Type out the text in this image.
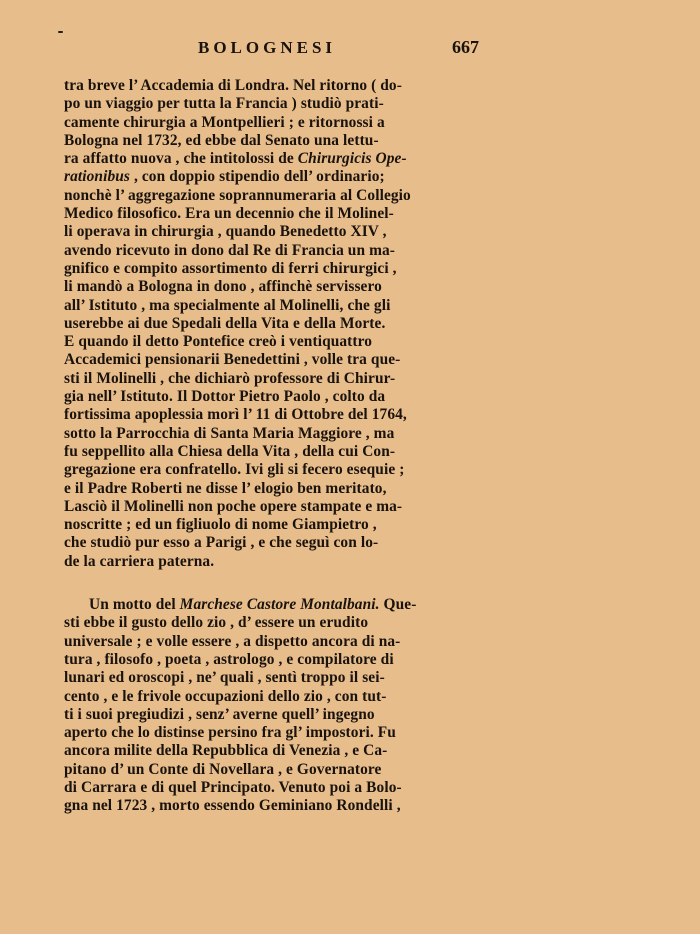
BOLOGNESI	667
tra breve l’ Accademia di Londra. Nel ritorno ( do-
po un viaggio per tutta la Francia ) studiò prati-
camente chirurgia a Montpellieri ; e ritornossi a
Bologna nel 1732, ed ebbe dal Senato una lettu-
ra affatto nuova , che intitolossi de Chirurgicis Ope-
rationibus , con doppio stipendio dell’ ordinario;
nonchè l’ aggregazione soprannumeraria al Collegio
Medico filosofico. Era un decennio che il Molinel-
li operava in chirurgia , quando Benedetto XIV ,
avendo ricevuto in dono dal Re di Francia un ma-
gnifico e compito assortimento di ferri chirurgici ,
li mandò a Bologna in dono , affinchè servissero
all’ Istituto , ma specialmente al Molinelli, che gli
userebbe ai due Spedali della Vita e della Morte.
E quando il detto Pontefice creò i ventiquattro
Accademici pensionarii Benedettini , volle tra que-
sti il Molinelli , che dichiarò professore di Chirur-
gia nell’ Istituto. Il Dottor Pietro Paolo , colto da
fortissima apoplessia morì l’ 11 di Ottobre del 1764,
sotto la Parrocchia di Santa Maria Maggiore , ma
fu seppellito alla Chiesa della Vita , della cui Con-
gregazione era confratello. Ivi gli si fecero esequie ;
e il Padre Roberti ne disse l’ elogio ben meritato,
Lasciò il Molinelli non poche opere stampate e ma-
noscritte ; ed un figliuolo di nome Giampietro ,
che studiò pur esso a Parigi , e che seguì con lo-
de la carriera paterna.
Un motto del Marchese Castore Montalbani. Que-
sti ebbe il gusto dello zio , d’ essere un erudito
universale ; e volle essere , a dispetto ancora di na-
tura , filosofo , poeta , astrologo , e compilatore di
lunari ed oroscopi , ne’ quali , sentì troppo il sei-
cento , e le frivole occupazioni dello zio , con tut-
ti i suoi pregiudizi , senz’ averne quell’ ingegno
aperto che lo distinse persino fra gl’ impostori. Fu
ancora milite della Repubblica di Venezia , e Ca-
pitano d’ un Conte di Novellara , e Governatore
di Carrara e di quel Principato. Venuto poi a Bolo-
gna nel 1723 , morto essendo Geminiano Rondelli ,
